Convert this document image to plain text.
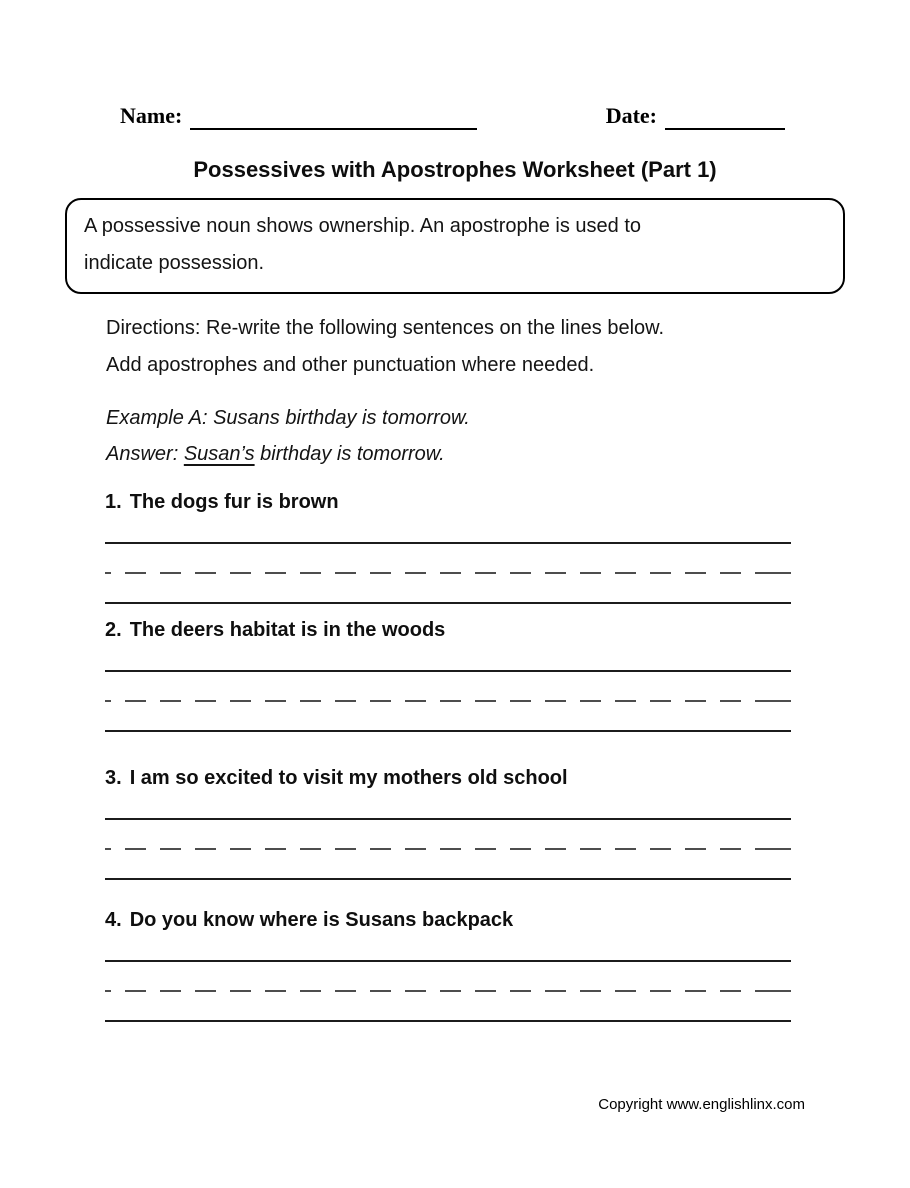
Name:	Date:
Possessives with Apostrophes Worksheet (Part 1)
A possessive noun shows ownership. An apostrophe is used to
indicate possession.
Directions: Re-write the following sentences on the lines below.
Add apostrophes and other punctuation where needed.
Example A: Susans birthday is tomorrow.
Answer: Susan’s birthday is tomorrow.
1. The dogs fur is brown
2. The deers habitat is in the woods
3. I am so excited to visit my mothers old school
4. Do you know where is Susans backpack
Copyright www.englishlinx.com
